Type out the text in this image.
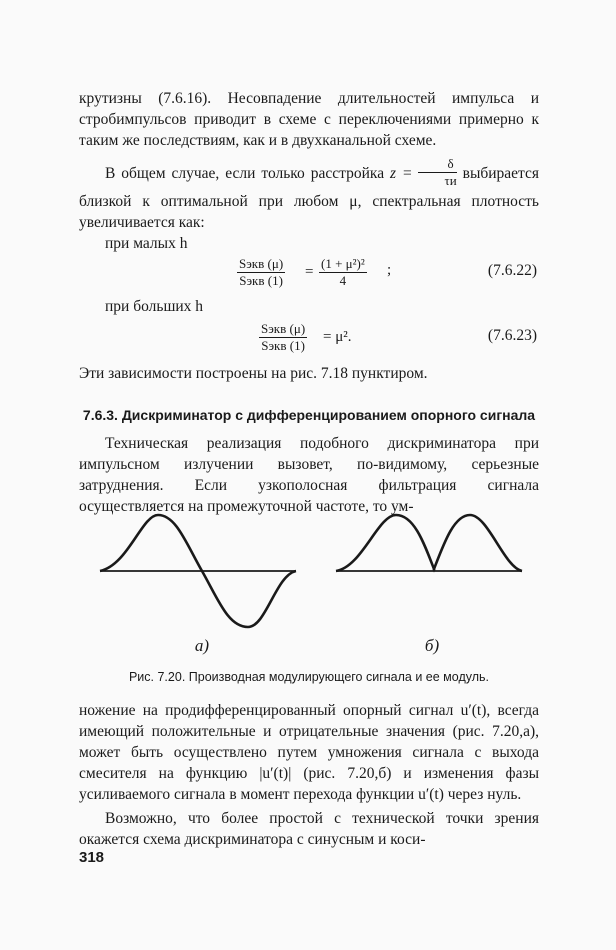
крутизны (7.6.16). Несовпадение длительностей импульса и стробимпульсов приводит в схеме с переключениями примерно к таким же последствиям, как и в двухканальной схеме.

В общем случае, если только расстройка $z = \frac{\delta}{\tau и}$ выбирается близкой к оптимальной при любом μ, спектральная плотность увеличивается как:

при малых h

Sэкв (μ)
Sэкв (1)
= $\frac{\text{(1 + μ²)²}}{4}$ ;	(7.6.22)

при больших h

Sэкв (μ)
Sэкв (1)
= μ².	(7.6.23)

Эти зависимости построены на рис. 7.18 пунктиром.

7.6.3. Дискриминатор с дифференцированием опорного сигнала

Техническая реализация подобного дискриминатора при импульсном излучении вызовет, по-видимому, серьезные затруднения. Если узкополосная фильтрация сигнала осуществляется на промежуточной частоте, то ум-

а)	б)
Рис. 7.20. Производная модулирующего сигнала и ее модуль.

ножение на продифференцированный опорный сигнал u′(t), всегда имеющий положительные и отрицательные значения (рис. 7.20,а), может быть осуществлено путем умножения сигнала с выхода смесителя на функцию |u′(t)| (рис. 7.20,б) и изменения фазы усиливаемого сигнала в момент перехода функции u′(t) через нуль.

Возможно, что более простой с технической точки зрения окажется схема дискриминатора с синусным и коси-

318
